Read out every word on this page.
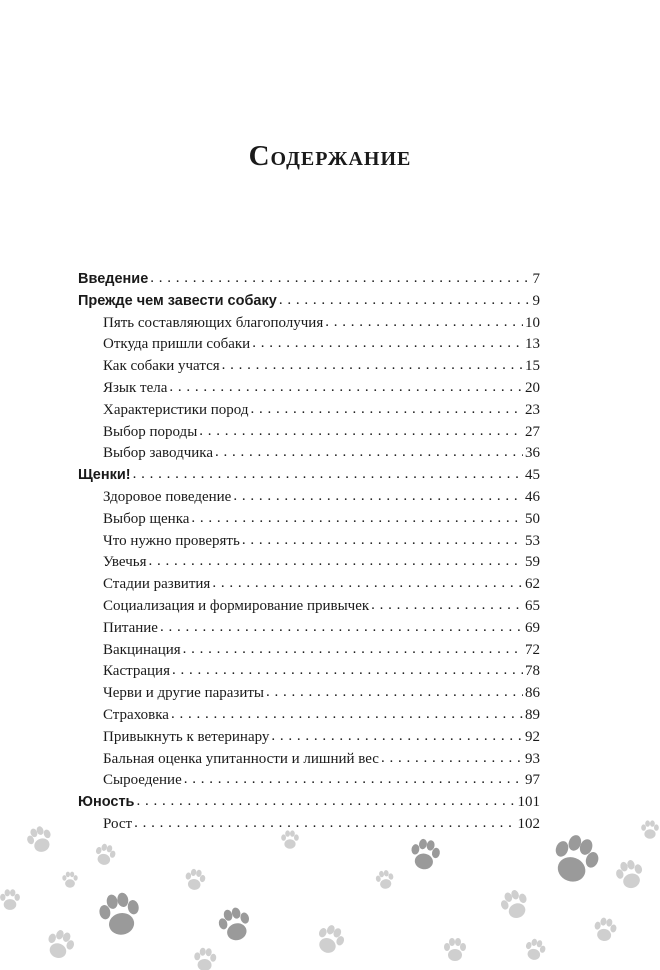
Содержание
Введение . . .	7
Прежде чем завести собаку . . .	9
Пять составляющих благополучия . . .	10
Откуда пришли собаки . . .	13
Как собаки учатся . . .	15
Язык тела . . .	20
Характеристики пород . . .	23
Выбор породы . . .	27
Выбор заводчика . . .	36
Щенки! . . .	45
Здоровое поведение . . .	46
Выбор щенка . . .	50
Что нужно проверять . . .	53
Увечья . . .	59
Стадии развития . . .	62
Социализация и формирование привычек . . .	65
Питание . . .	69
Вакцинация . . .	72
Кастрация . . .	78
Черви и другие паразиты . . .	86
Страховка . . .	89
Привыкнуть к ветеринару . . .	92
Бальная оценка упитанности и лишний вес . . .	93
Сыроедение . . .	97
Юность . . .	101
Рост . . .	102
